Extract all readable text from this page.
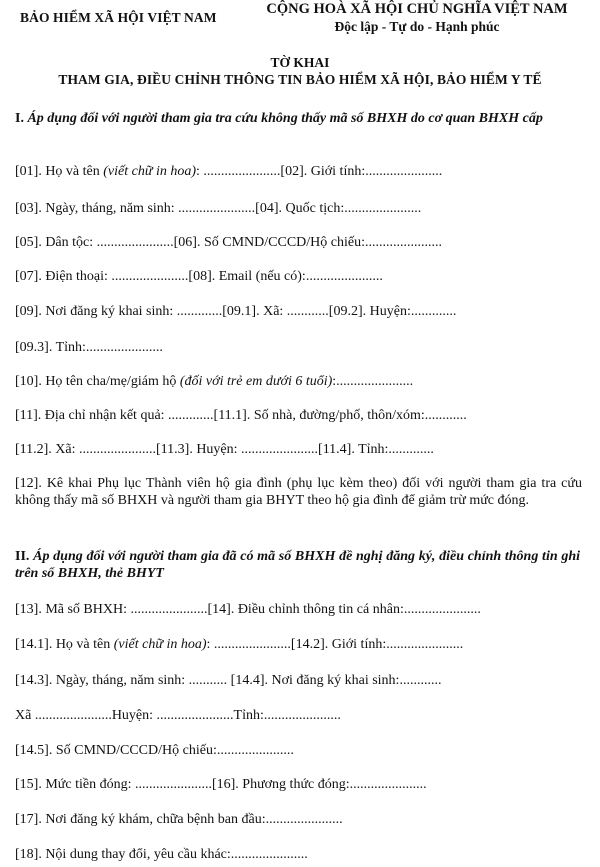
BẢO HIỂM XÃ HỘI VIỆT NAM
CỘNG HOÀ XÃ HỘI CHỦ NGHĨA VIỆT NAM
Độc lập - Tự do - Hạnh phúc
TỜ KHAI
THAM GIA, ĐIỀU CHỈNH THÔNG TIN BẢO HIỂM XÃ HỘI, BẢO HIỂM Y TẾ
I. Áp dụng đối với người tham gia tra cứu không thấy mã số BHXH do cơ quan BHXH cấp
[01]. Họ và tên (viết chữ in hoa): ......................[02]. Giới tính:......................
[03]. Ngày, tháng, năm sinh: ......................[04]. Quốc tịch:......................
[05]. Dân tộc: ......................[06]. Số CMND/CCCD/Hộ chiếu:......................
[07]. Điện thoại: ......................[08]. Email (nếu có):......................
[09]. Nơi đăng ký khai sinh: .............[09.1]. Xã: ............[09.2]. Huyện:.............
[09.3]. Tỉnh:......................
[10]. Họ tên cha/mẹ/giám hộ (đối với trẻ em dưới 6 tuổi):......................
[11]. Địa chỉ nhận kết quả: .............[11.1]. Số nhà, đường/phố, thôn/xóm:............
[11.2]. Xã: ......................[11.3]. Huyện: ......................[11.4]. Tỉnh:.............
[12]. Kê khai Phụ lục Thành viên hộ gia đình (phụ lục kèm theo) đối với người tham gia tra cứu không thấy mã số BHXH và người tham gia BHYT theo hộ gia đình để giảm trừ mức đóng.
II. Áp dụng đối với người tham gia đã có mã số BHXH đề nghị đăng ký, điều chỉnh thông tin ghi trên sổ BHXH, thẻ BHYT
[13]. Mã số BHXH: ......................[14]. Điều chỉnh thông tin cá nhân:......................
[14.1]. Họ và tên (viết chữ in hoa): ......................[14.2]. Giới tính:......................
[14.3]. Ngày, tháng, năm sinh: ........... [14.4]. Nơi đăng ký khai sinh:............
Xã ......................Huyện: ......................Tỉnh:......................
[14.5]. Số CMND/CCCD/Hộ chiếu:......................
[15]. Mức tiền đóng: ......................[16]. Phương thức đóng:......................
[17]. Nơi đăng ký khám, chữa bệnh ban đầu:......................
[18]. Nội dung thay đổi, yêu cầu khác:......................
